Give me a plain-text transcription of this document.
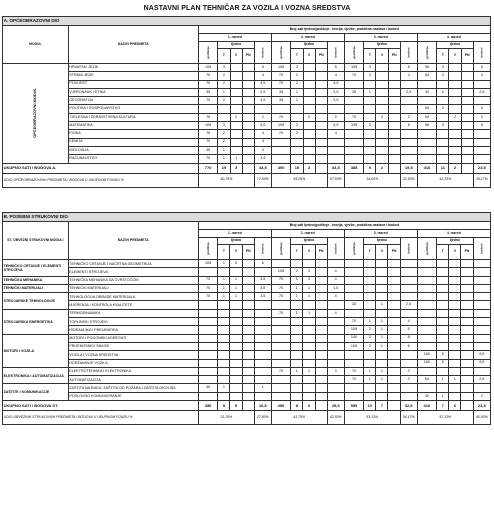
NASTAVNI PLAN TEHNIČAR ZA VOZILA I VOZNA SREDSTVA
A. OPĆEOBRAZOVNI DIO																					
MODUL	NAZIVI PREDMETA	Broj sati tjedno/godišnje - teorija, vježbe, praktična nastava i bodovi																			
		1. razred					2. razred					3. razred					4. razred				
		godišnje	tjedno			bodovi	godišnje	tjedno			bodovi	godišnje	tjedno			bodovi	godišnje	tjedno			bodovi
			T	V	PN			T	V	PN			T	V	PN			T	V	PN	
OPĆEOBRAZOVNI MODUL	HRVATSKI JEZIK	105	3			6	105	3			6	105	3			5	96	3			6
	STRANI JEZIK	70	2			4	70	2			4	70	2			4	64	2			4
	POVIJEST	70	2			4,5	70	2			4,5										
	VJERONAUK / ETIKA	35	1			2,5	35	1			2,5	35	1			2,5	32	1			2,5
	GEOGRAFIJA	70	2			4,5	35	1			2,5										
	POLITIKA I GOSPODARSTVO																64	2			4
	TJELESNA I ZDRAVSTVENA KULTURA	70		2		2	70		2		2	70		2		2	64		2		2
	MATEMATIKA	105	3			5,5	105	3			5,5	105	3			5	96	3			5
	FIZIKA	70	2			4	70	2			4										
	KEMIJA	70	2			4															
	BIOLOGIJA	35	1			3															
	RAČUNALSTVO	70	1	1		3,5															
UKUPNO SATI / BODOVA A.		770	19	3		43,5	490	15	2		34,5	385	9	2		19,5	416	11	2		23,5
UDIO OPĆEOBRAZOVNIH PREDMETA / BODOVA U UKUPNOM FONDU %		60,75%				72,50%	55,25%				57,50%	34,00%				32,50%	42,33%				39,17%
B. POSEBNI STRUKOVNI DIO																					
ST. OBVEZNI STRUKOVNI MODULI	NAZIVI PREDMETA	Broj sati tjedno/godišnje - teorija, vježbe, praktična nastava i bodovi																			
		1. razred					2. razred					3. razred					4. razred				
		godišnje	tjedno			bodovi	godišnje	tjedno			bodovi	godišnje	tjedno			bodovi	godišnje	tjedno			bodovi
			T	V	PN			T	V	PN			T	V	PN			T	V	PN	
TEHNIČKO CRTANJE I ELEMENTI STROJEVA	TEHNIČKO CRTANJE I NACRTNA GEOMETRIJA	105	1	2		6															
	ELEMENTI STROJEVA						105	2	1		4										
TEHNIČKA MEHANIKA	TEHNIČKA MEHANIKA SA ČVRSTOĆOM	70	1	1		3,5	70	1	1		4										
TEHNIČKI MATERIJALI	TEHNIČKI MATERIJALI	70	1	1		3,5	70	1	1		1,5										
STROJARSKE TEHNOLOGIJE	TEHNOLOGIJA OBRADE MATERIJALA	70	1	1		3,5	70	1	1		4										
	MJERENJA I KONTROLA KVALITETE											35		1		2,5					
STROJARSKA ENERGETIKA	TERMODINAMIKA						70	1	1		4										
	TOPLINSKI STROJEVI											70	1	1		4					
	HIDRAULIKA I PNEUMATIKA											105	2	1		5					
MOTORI I VOZILA	MOTORI I POGONSKI AGREGATI											140	3	1		8					
	PRIJENOSNICI SNAGE											105	2	1		6					
	VOZILA I VOZNA SREDSTVA																160	5			9,5
	ODRŽAVANJE VOZILA																160	5			9,5
ELEKTRONIKA I AUTOMATIZACIJA	ELEKTROTEHNIKA I ELEKTRONIKA						70	1	1		3	70	1	1		3					
	AUTOMATIZACIJA											70	1	1		3	64	1	1		2,5
ZAŠTITE I KOMUNIKACIJE	ZAŠTITA NA RADU, ZAŠTITA OD POŽARA I ZAŠTITA OKOLIŠA	35	1			1															
	POSLOVNO KOMUNICIRANJE																32	1			2
UKUPNO SATI / BODOVA ST.		350	5	5		16,5	490	8	6		25,5	595	10	7		32,5	416	7	6		23,5
UDIO OBVEZNIH STRUKOVNIH PREDMETA / BODOVA U UKUPNOM FONDU %		31,25%				27,50%	43,75%				42,50%	53,13%				54,17%	42,33%				40,83%
